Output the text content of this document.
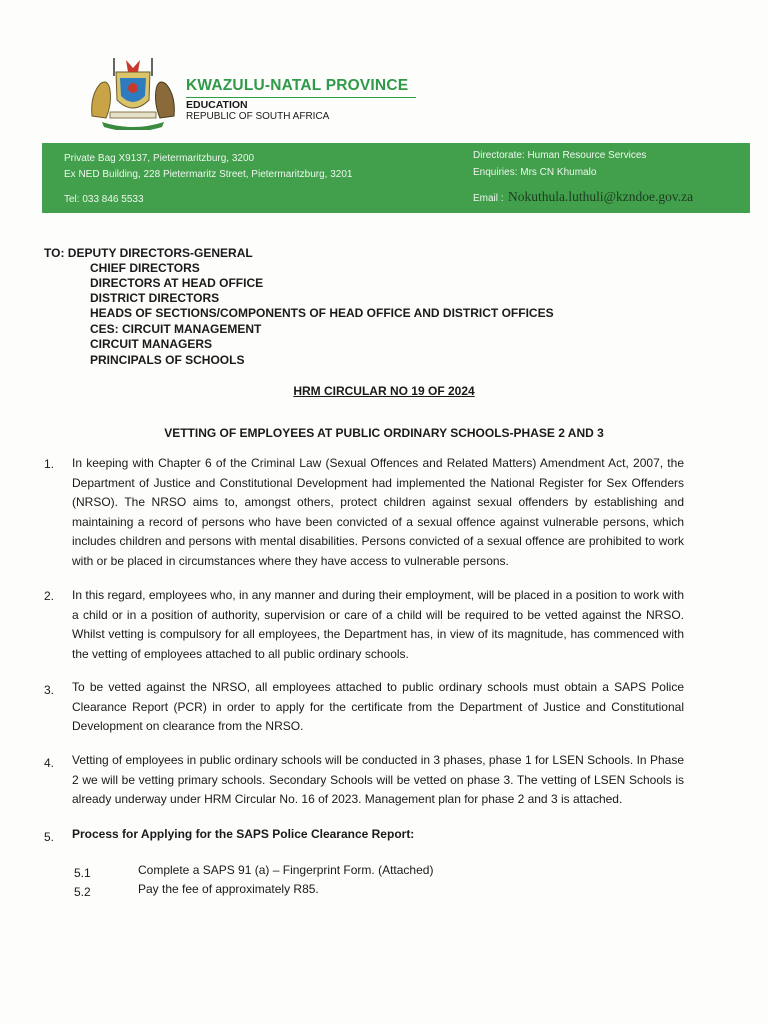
KWAZULU-NATAL PROVINCE
EDUCATION
REPUBLIC OF SOUTH AFRICA
Private Bag X9137, Pietermaritzburg, 3200
Ex NED Building, 228 Pietermaritz Street, Pietermaritzburg, 3201
Tel: 033 846 5533
Directorate: Human Resource Services
Enquiries: Mrs CN Khumalo
Email : Nokuthula.luthuli@kzndoe.gov.za
TO: DEPUTY DIRECTORS-GENERAL
CHIEF DIRECTORS
DIRECTORS AT HEAD OFFICE
DISTRICT DIRECTORS
HEADS OF SECTIONS/COMPONENTS OF HEAD OFFICE AND DISTRICT OFFICES
CES: CIRCUIT MANAGEMENT
CIRCUIT MANAGERS
PRINCIPALS OF SCHOOLS
HRM CIRCULAR NO 19 OF 2024
VETTING OF EMPLOYEES AT PUBLIC ORDINARY SCHOOLS-PHASE 2 AND 3
1. In keeping with Chapter 6 of the Criminal Law (Sexual Offences and Related Matters) Amendment Act, 2007, the Department of Justice and Constitutional Development had implemented the National Register for Sex Offenders (NRSO). The NRSO aims to, amongst others, protect children against sexual offenders by establishing and maintaining a record of persons who have been convicted of a sexual offence against vulnerable persons, which includes children and persons with mental disabilities. Persons convicted of a sexual offence are prohibited to work with or be placed in circumstances where they have access to vulnerable persons.
2. In this regard, employees who, in any manner and during their employment, will be placed in a position to work with a child or in a position of authority, supervision or care of a child will be required to be vetted against the NRSO. Whilst vetting is compulsory for all employees, the Department has, in view of its magnitude, has commenced with the vetting of employees attached to all public ordinary schools.
3. To be vetted against the NRSO, all employees attached to public ordinary schools must obtain a SAPS Police Clearance Report (PCR) in order to apply for the certificate from the Department of Justice and Constitutional Development on clearance from the NRSO.
4. Vetting of employees in public ordinary schools will be conducted in 3 phases, phase 1 for LSEN Schools. In Phase 2 we will be vetting primary schools. Secondary Schools will be vetted on phase 3. The vetting of LSEN Schools is already underway under HRM Circular No. 16 of 2023. Management plan for phase 2 and 3 is attached.
5. Process for Applying for the SAPS Police Clearance Report:
5.1	Complete a SAPS 91 (a) – Fingerprint Form. (Attached)
5.2	Pay the fee of approximately R85.
